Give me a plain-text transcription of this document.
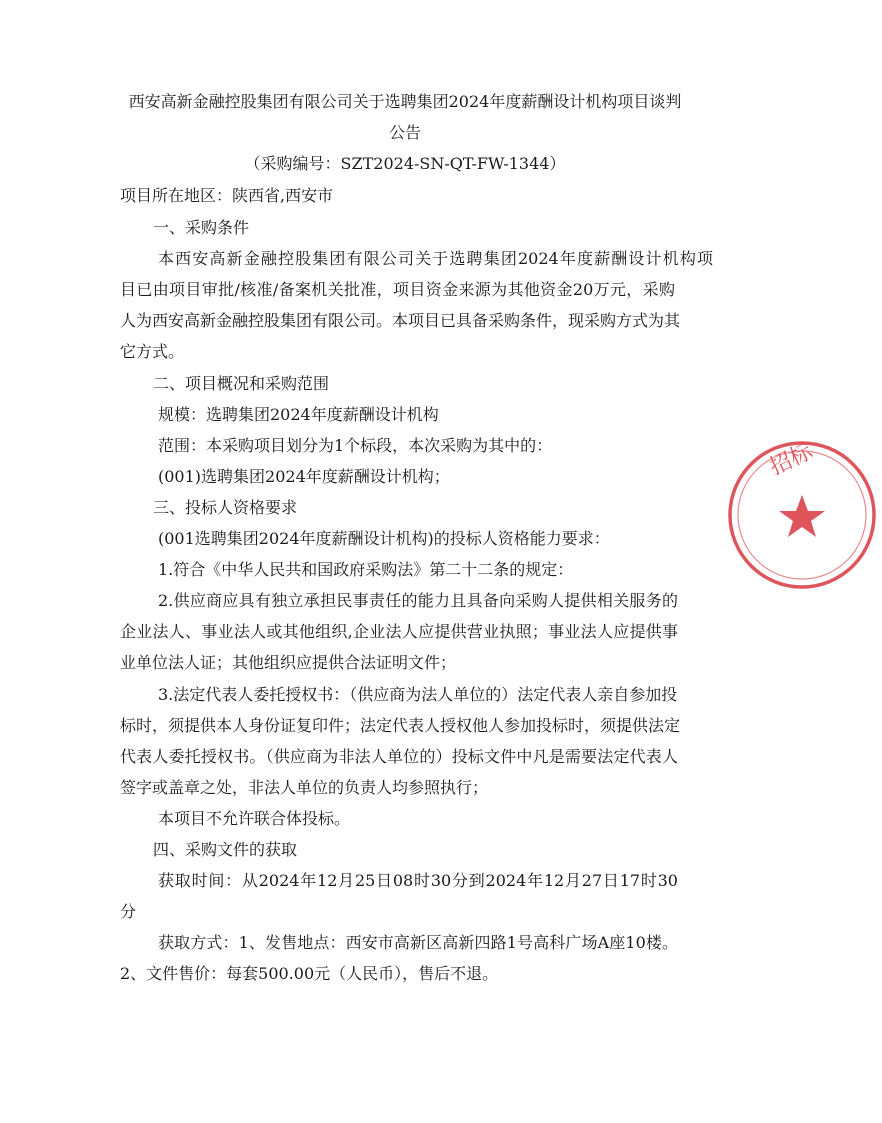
西安高新金融控股集团有限公司关于选聘集团2024年度薪酬设计机构项目谈判
公告
（采购编号：SZT2024-SN-QT-FW-1344）
项目所在地区：陕西省,西安市
一、采购条件
本西安高新金融控股集团有限公司关于选聘集团2024年度薪酬设计机构项
目已由项目审批/核准/备案机关批准，项目资金来源为其他资金20万元，采购
人为西安高新金融控股集团有限公司。本项目已具备采购条件，现采购方式为其
它方式。
二、项目概况和采购范围
规模：选聘集团2024年度薪酬设计机构
范围：本采购项目划分为1个标段，本次采购为其中的：
(001)选聘集团2024年度薪酬设计机构；
三、投标人资格要求
(001选聘集团2024年度薪酬设计机构)的投标人资格能力要求：
1.符合《中华人民共和国政府采购法》第二十二条的规定：
2.供应商应具有独立承担民事责任的能力且具备向采购人提供相关服务的
企业法人、事业法人或其他组织,企业法人应提供营业执照；事业法人应提供事
业单位法人证；其他组织应提供合法证明文件；
3.法定代表人委托授权书：（供应商为法人单位的）法定代表人亲自参加投
标时，须提供本人身份证复印件；法定代表人授权他人参加投标时，须提供法定
代表人委托授权书。（供应商为非法人单位的）投标文件中凡是需要法定代表人
签字或盖章之处，非法人单位的负责人均参照执行；
本项目不允许联合体投标。
四、采购文件的获取
获取时间：从2024年12月25日08时30分到2024年12月27日17时30
分
获取方式：1、发售地点：西安市高新区高新四路1号高科广场A座10楼。
2、文件售价：每套500.00元（人民币），售后不退。
招标
